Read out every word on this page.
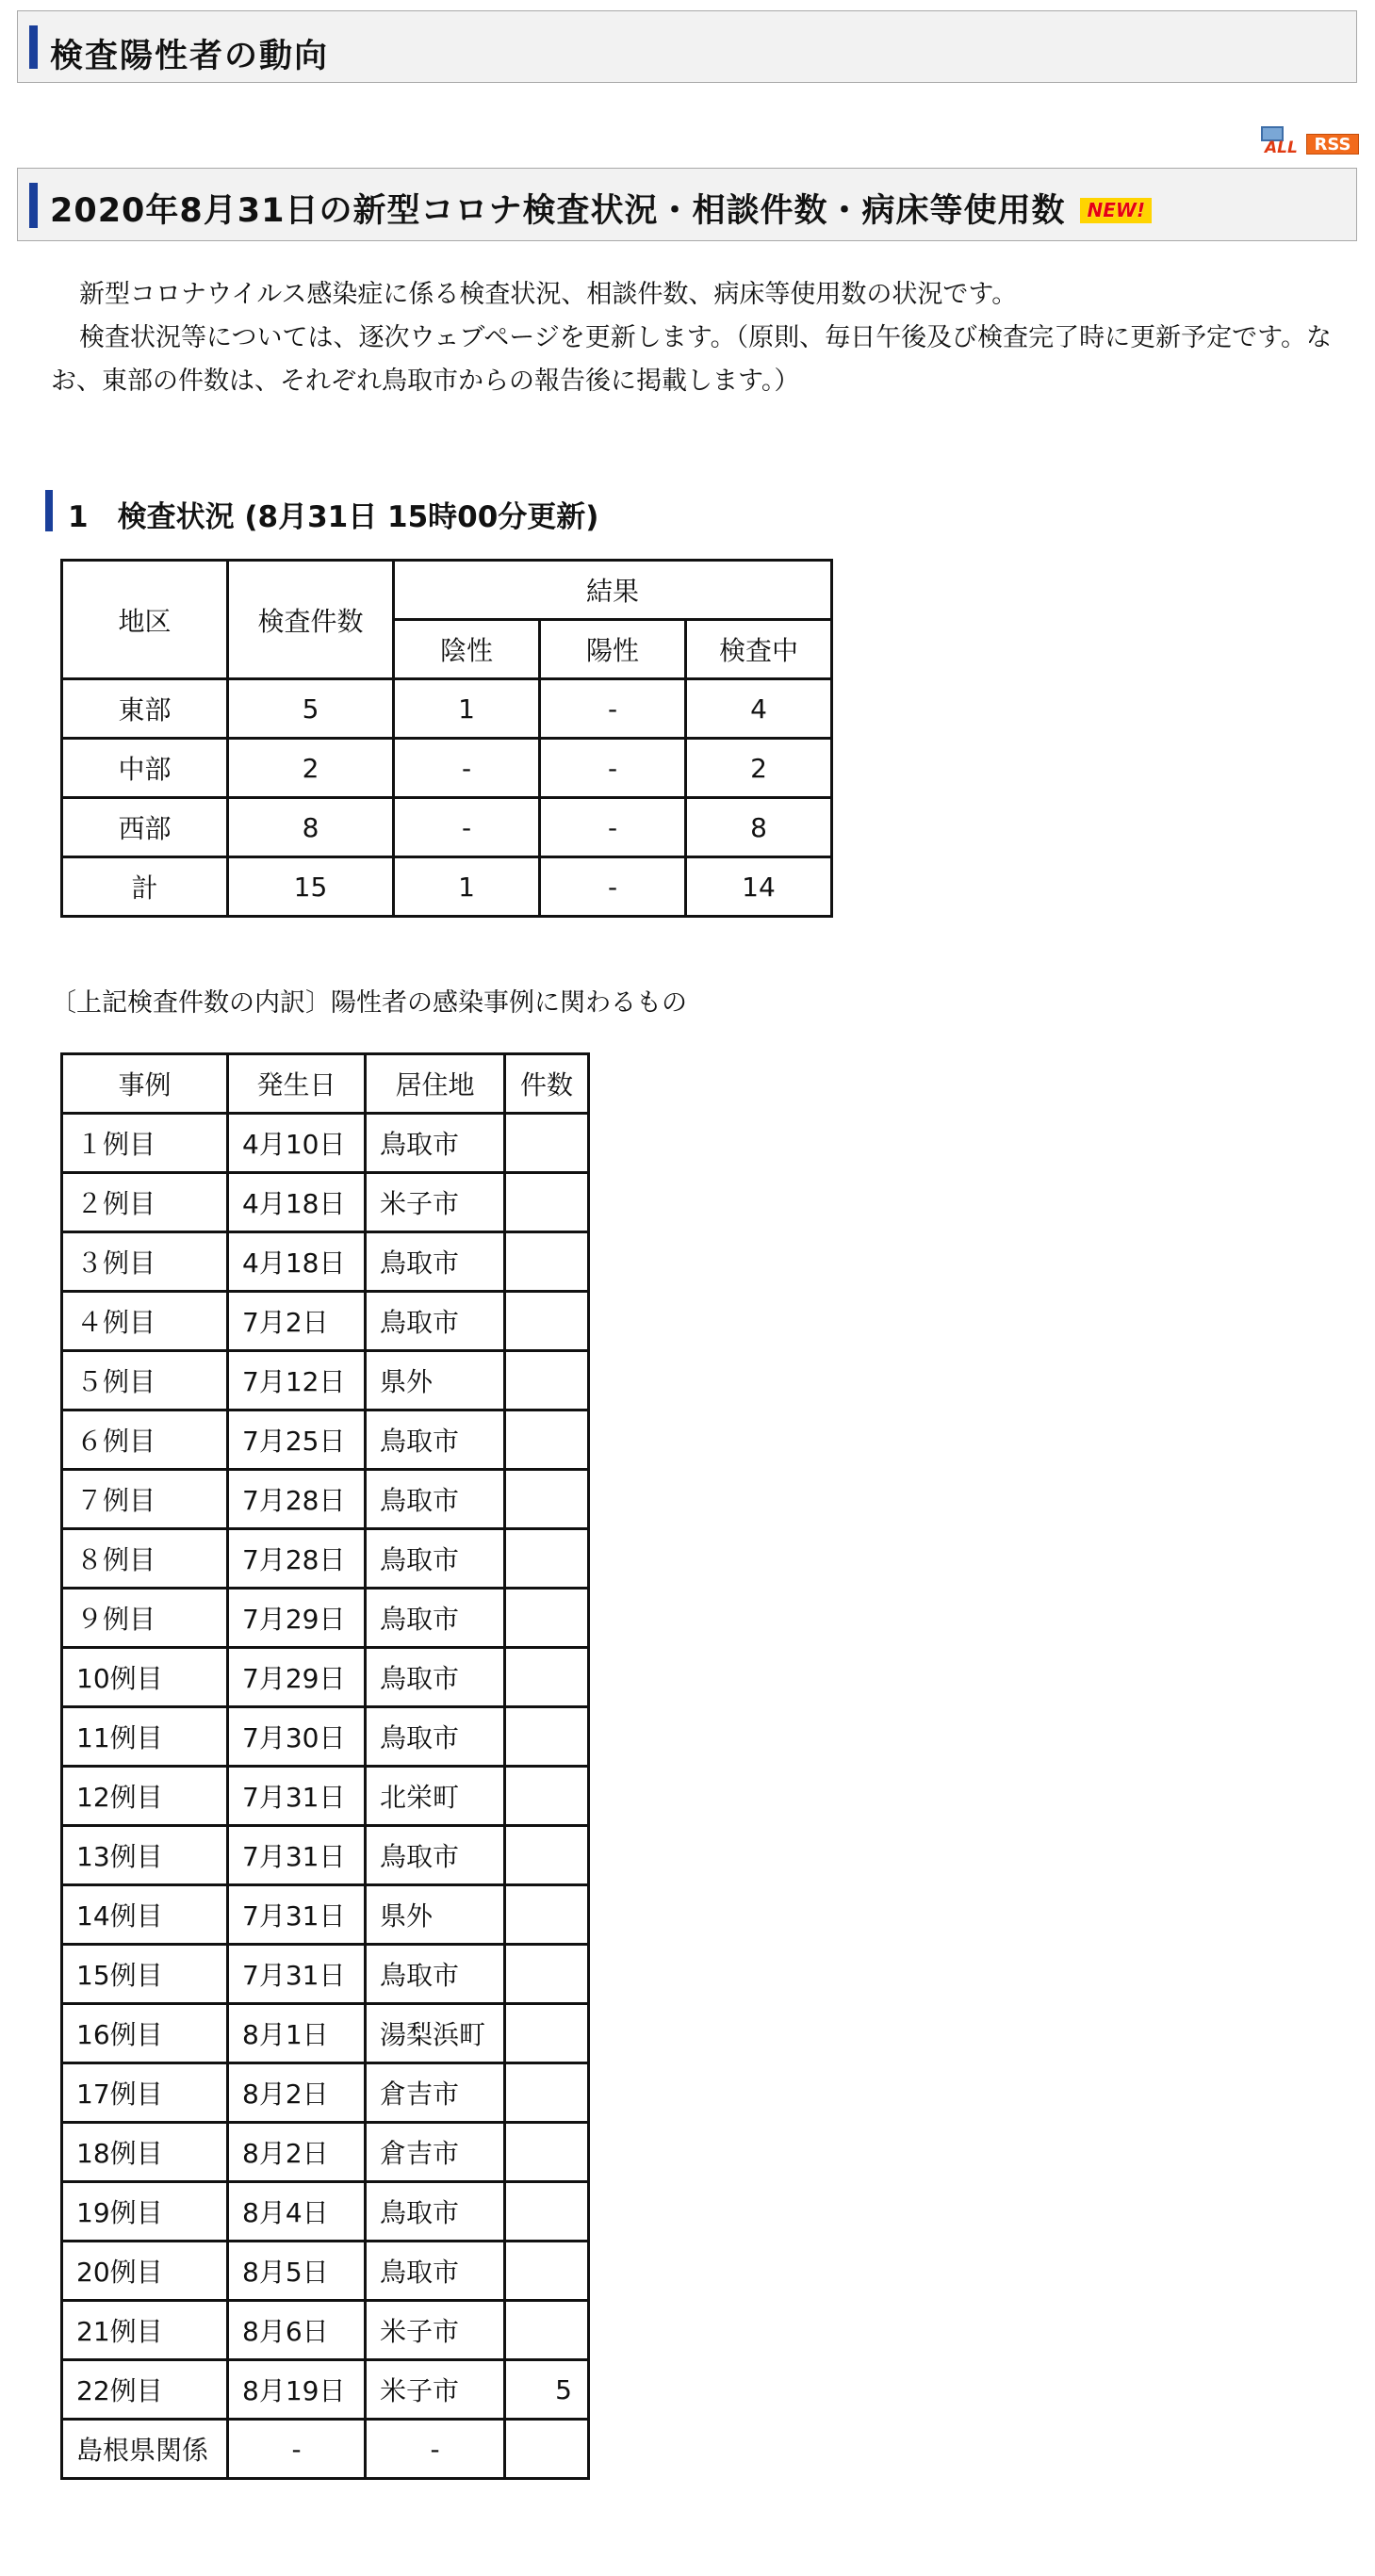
検査陽性者の動向
ALL RSS
2020年8月31日の新型コロナ検査状況・相談件数・病床等使用数 NEW!

新型コロナウイルス感染症に係る検査状況、相談件数、病床等使用数の状況です。

検査状況等については、逐次ウェブページを更新します。（原則、毎日午後及び検査完了時に更新予定です。なお、東部の件数は、それぞれ鳥取市からの報告後に掲載します。）

1　検査状況 (8月31日 15時00分更新)
地区	検査件数	結果		
		陰性	陽性	検査中
東部	5	1	-	4
中部	2	-	-	2
西部	8	-	-	8
計	15	1	-	14
〔上記検査件数の内訳〕陽性者の感染事例に関わるもの
事例	発生日	居住地	件数
１例目	4月10日	鳥取市	
２例目	4月18日	米子市	
３例目	4月18日	鳥取市	
４例目	7月2日	鳥取市	
５例目	7月12日	県外	
６例目	7月25日	鳥取市	
７例目	7月28日	鳥取市	
８例目	7月28日	鳥取市	
９例目	7月29日	鳥取市	
10例目	7月29日	鳥取市	
11例目	7月30日	鳥取市	
12例目	7月31日	北栄町	
13例目	7月31日	鳥取市	
14例目	7月31日	県外	
15例目	7月31日	鳥取市	
16例目	8月1日	湯梨浜町	
17例目	8月2日	倉吉市	
18例目	8月2日	倉吉市	
19例目	8月4日	鳥取市	
20例目	8月5日	鳥取市	
21例目	8月6日	米子市	
22例目	8月19日	米子市	5
島根県関係	-	-	
